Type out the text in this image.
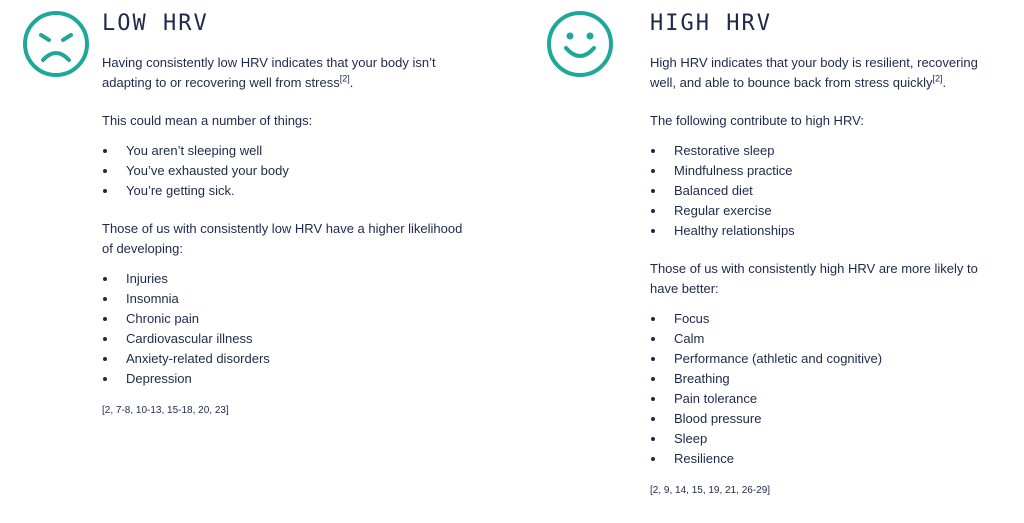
LOW HRV

Having consistently low HRV indicates that your body isn’t adapting to or recovering well from stress[2].

This could mean a number of things:

You aren’t sleeping well
You’ve exhausted your body
You’re getting sick.

Those of us with consistently low HRV have a higher likelihood of developing:

Injuries
Insomnia
Chronic pain
Cardiovascular illness
Anxiety-related disorders
Depression

[2, 7-8, 10-13, 15-18, 20, 23]

HIGH HRV

High HRV indicates that your body is resilient, recovering well, and able to bounce back from stress quickly[2].

The following contribute to high HRV:

Restorative sleep
Mindfulness practice
Balanced diet
Regular exercise
Healthy relationships

Those of us with consistently high HRV are more likely to have better:

Focus
Calm
Performance (athletic and cognitive)
Breathing
Pain tolerance
Blood pressure
Sleep
Resilience

[2, 9, 14, 15, 19, 21, 26-29]
